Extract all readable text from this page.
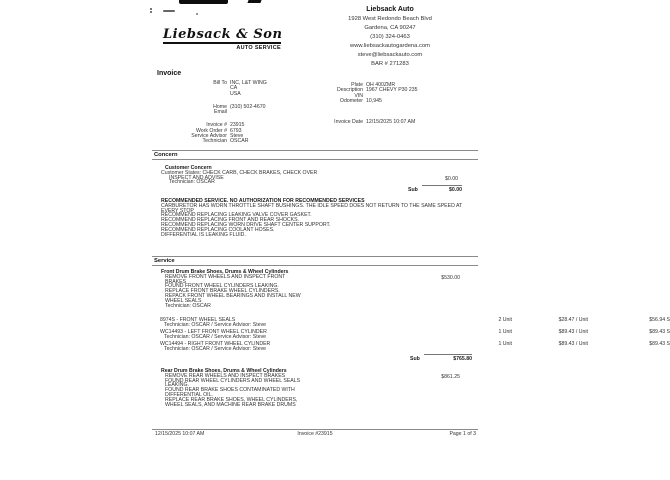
Liebsack & Son
AUTO SERVICE
Liebsack Auto
1928 West Redondo Beach Blvd
Gardena, CA 90247
(310) 324-0463
www.liebsackautogardena.com
steve@liebsackauto.com
BAR # 271283
Invoice
Bill To INC, L&T WING
CA
USA
Home (310) 502-4670
Email
Invoice # 23915
Work Order # 6793
Service Advisor Steve
Technician OSCAR
Plate OH 400ZMR
Description 1967 CHEVY P30 235
VIN
Odometer 10,945
Invoice Date 12/15/2025 10:07 AM
Concern
Customer Concern
Customer States: CHECK CARB, CHECK BRAKES, CHECK OVER
INSPECT AND ADVISE
Technician: OSCAR
$0.00
Sub	$0.00
RECOMMENDED SERVICE. NO AUTHORIZATION FOR RECOMMENDED SERVICES
CARBURETOR HAS WORN THROTTLE SHAFT BUSHINGS. THE IDLE SPEED DOES NOT RETURN TO THE SAME SPEED AT
EVERY STOP
RECOMMEND REPLACING LEAKING VALVE COVER GASKET.
RECOMMEND REPLACING FRONT AND REAR SHOCKS.
RECOMMEND REPLACING WORN DRIVE SHAFT CENTER SUPPORT.
RECOMMEND REPLACING COOLANT HOSES.
DIFFERENTIAL IS LEAKING FLUID.
Service
Front Drum Brake Shoes, Drums & Wheel Cylinders
REMOVE FRONT WHEELS AND INSPECT FRONT
BRAKES
FOUND FRONT WHEEL CYLINDERS LEAKING.
REPLACE FRONT BRAKE WHEEL CYLINDERS.
REPACK FRONT WHEEL BEARINGS AND INSTALL NEW
WHEEL SEALS
Technician: OSCAR
$530.00
8974S - FRONT WHEEL SEALS
Technician: OSCAR / Service Advisor: Steve
2 Unit	$28.47 / Unit	$56.94 S
WC14493 - LEFT FRONT WHEEL CYLINDER
Technician: OSCAR / Service Advisor: Steve
1 Unit	$89.43 / Unit	$89.43 S
WC14494 - RIGHT FRONT WHEEL CYLINDER
Technician: OSCAR / Service Advisor: Steve
1 Unit	$89.43 / Unit	$89.43 S
Sub	$765.80
Rear Drum Brake Shoes, Drums & Wheel Cylinders
REMOVE REAR WHEELS AND INSPECT BRAKES
FOUND REAR WHEEL CYLINDERS AND WHEEL SEALS
LEAKING.
FOUND REAR BRAKE SHOES CONTAMINATED WITH
DIFFERENTIAL OIL.
REPLACE REAR BRAKE SHOES, WHEEL CYLINDERS,
WHEEL SEALS, AND MACHINE REAR BRAKE DRUMS
$861.25
12/15/2025 10:07 AM	Invoice #23915	Page 1 of 3
